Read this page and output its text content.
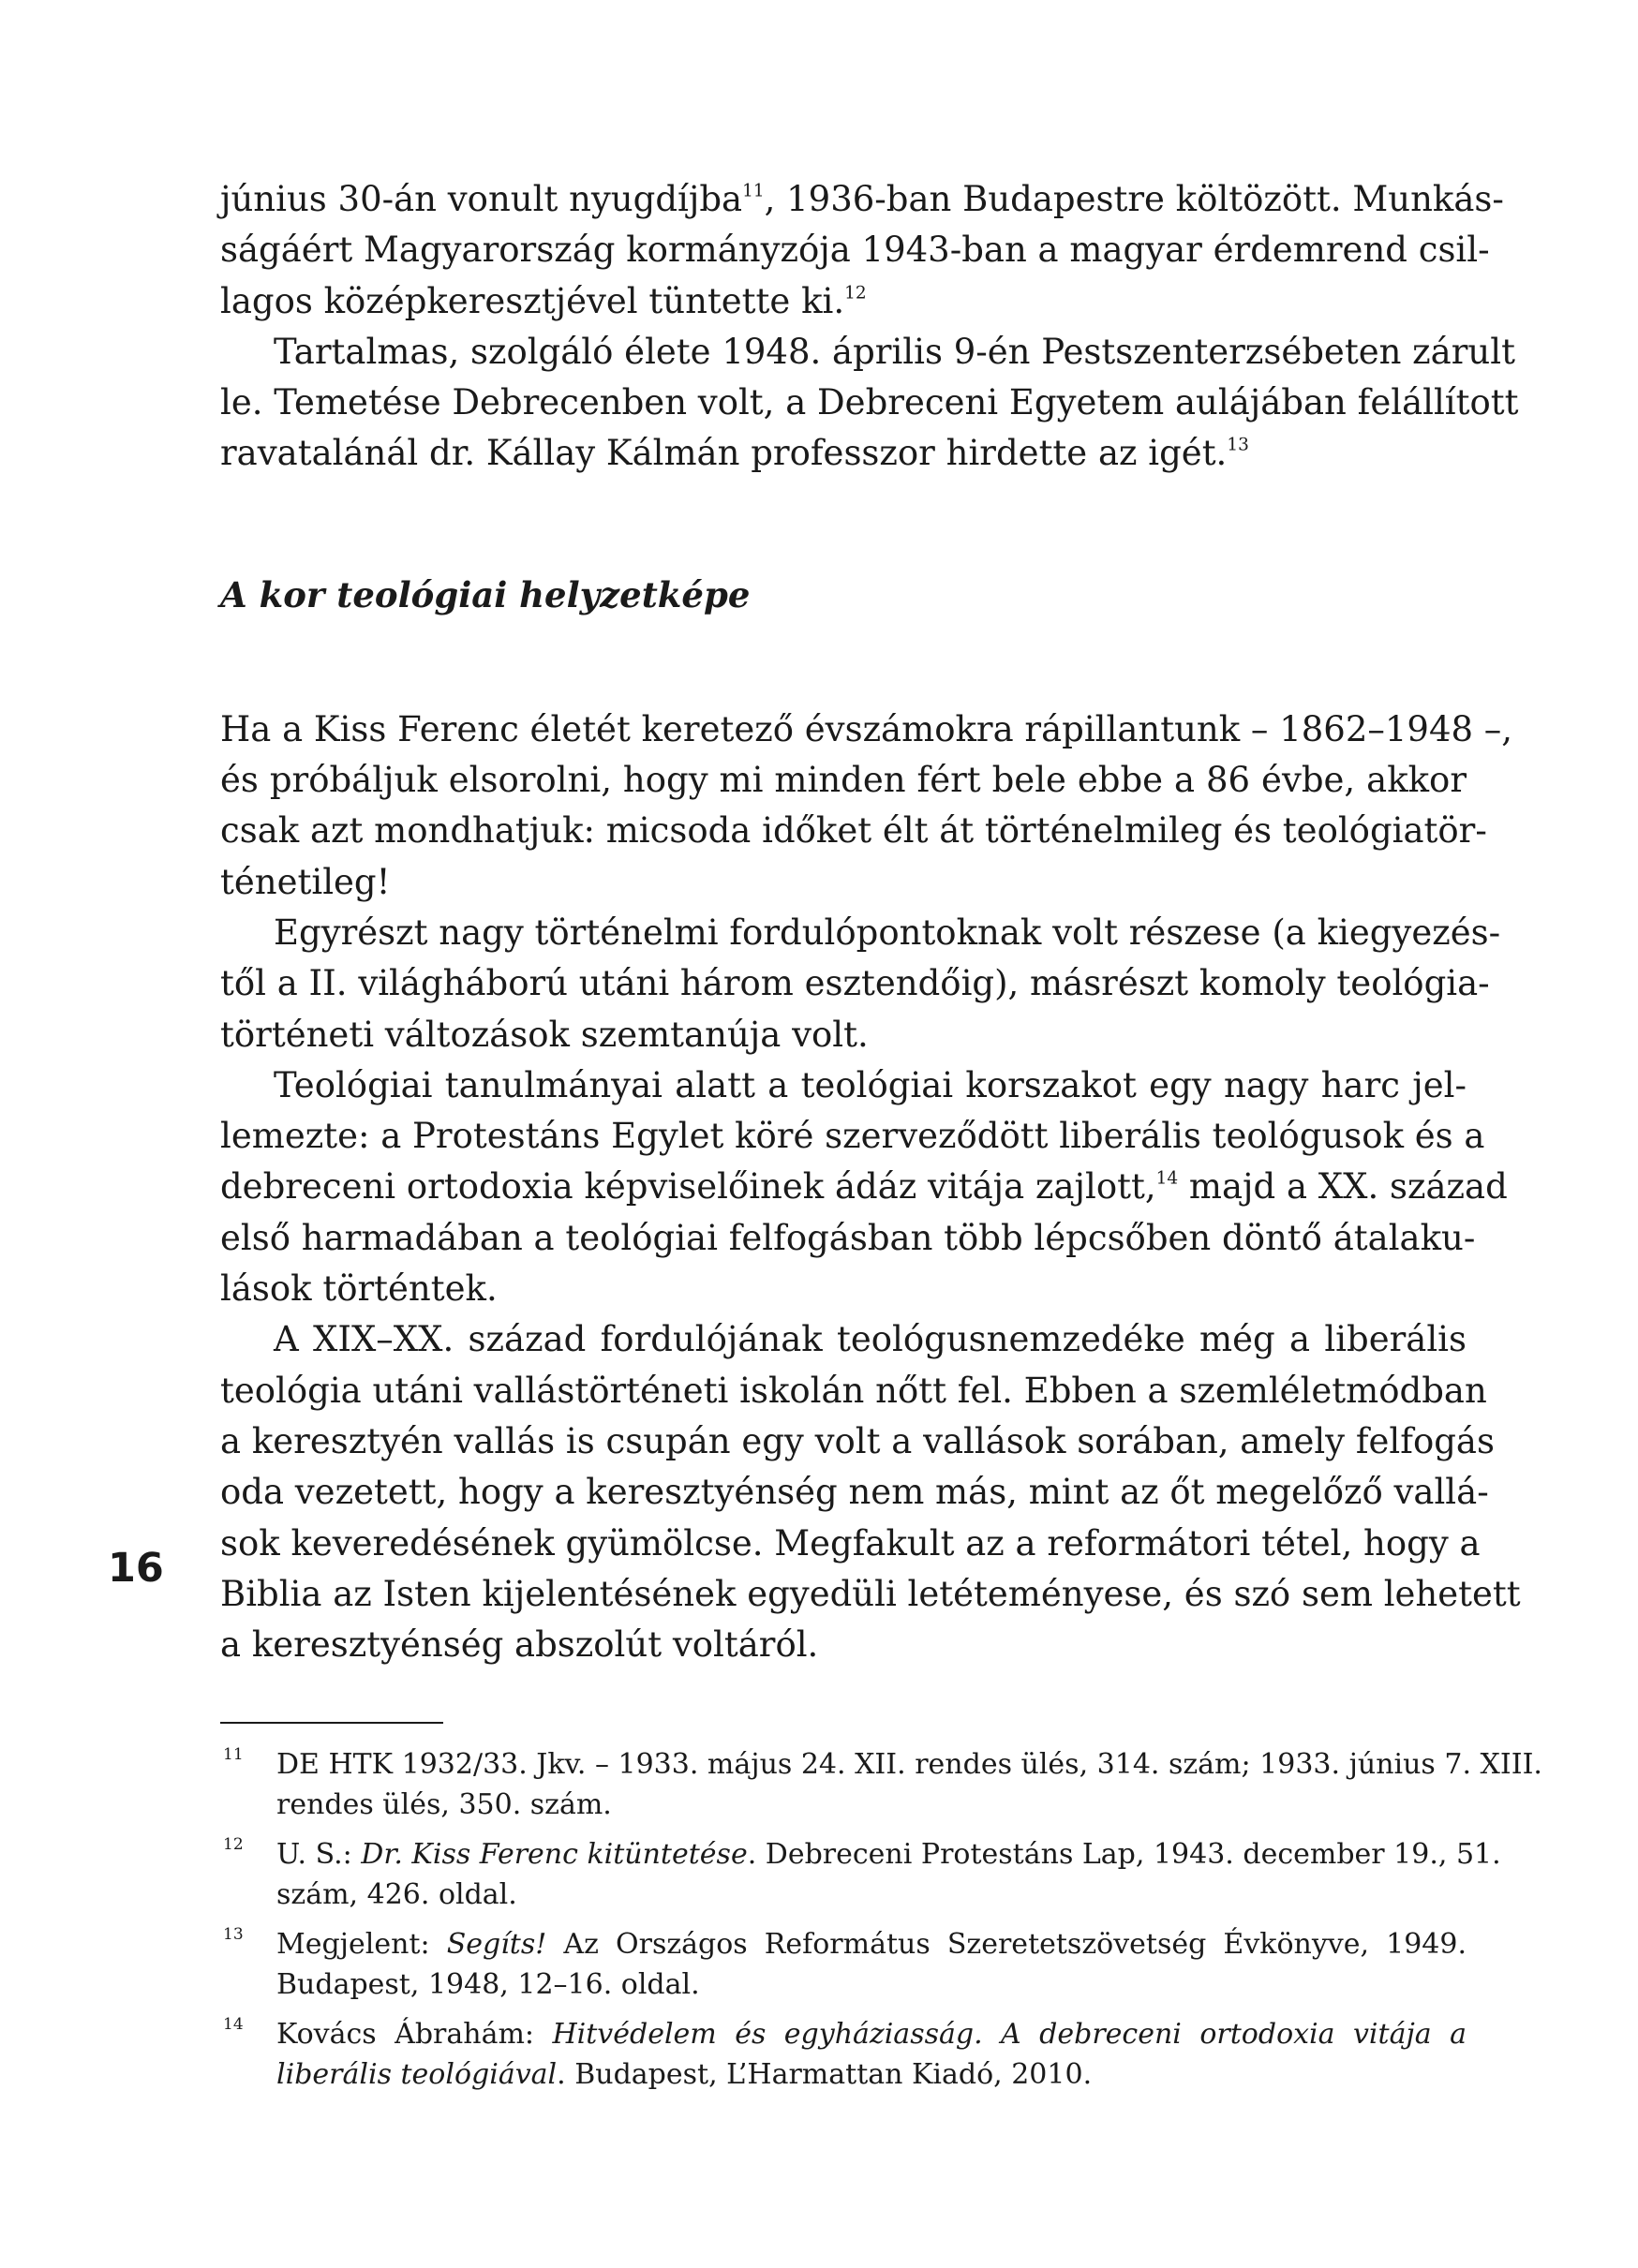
június 30-án vonult nyugdíjba$^{11}$, 1936-ban Budapestre költözött. Munkás-
ságáért Magyarország kormányzója 1943-ban a magyar érdemrend csil-
lagos középkeresztjével tüntette ki.$^{12}$
Tartalmas, szolgáló élete 1948. április 9-én Pestszenterzsébeten zárult
le. Temetése Debrecenben volt, a Debreceni Egyetem aulájában felállított
ravatalánál dr. Kállay Kálmán professzor hirdette az igét.$^{13}$
A kor teológiai helyzetképe
Ha a Kiss Ferenc életét keretező évszámokra rápillantunk – 1862–1948 –,
és próbáljuk elsorolni, hogy mi minden fért bele ebbe a 86 évbe, akkor
csak azt mondhatjuk: micsoda időket élt át történelmileg és teológiatör-
ténetileg!
Egyrészt nagy történelmi fordulópontoknak volt részese (a kiegyezés-
től a II. világháború utáni három esztendőig), másrészt komoly teológia-
történeti változások szemtanúja volt.
Teológiai tanulmányai alatt a teológiai korszakot egy nagy harc jel-
lemezte: a Protestáns Egylet köré szerveződött liberális teológusok és a
debreceni ortodoxia képviselőinek ádáz vitája zajlott,$^{14}$ majd a XX. század
első harmadában a teológiai felfogásban több lépcsőben döntő átalaku-
lások történtek.
A XIX–XX. század fordulójának teológusnemzedéke még a liberális
teológia utáni vallástörténeti iskolán nőtt fel. Ebben a szemléletmódban
a keresztyén vallás is csupán egy volt a vallások sorában, amely felfogás
oda vezetett, hogy a keresztyénség nem más, mint az őt megelőző vallá-
sok keveredésének gyümölcse. Megfakult az a reformátori tétel, hogy a
Biblia az Isten kijelentésének egyedüli letéteményese, és szó sem lehetett
a keresztyénség abszolút voltáról.
11 DE HTK 1932/33. Jkv. – 1933. május 24. XII. rendes ülés, 314. szám; 1933. június 7. XIII.
rendes ülés, 350. szám.
12 U. S.: Dr. Kiss Ferenc kitüntetése. Debreceni Protestáns Lap, 1943. december 19., 51.
szám, 426. oldal.
13 Megjelent: Segíts! Az Országos Református Szeretetszövetség Évkönyve, 1949.
Budapest, 1948, 12–16. oldal.
14 Kovács Ábrahám: Hitvédelem és egyháziasság. A debreceni ortodoxia vitája a
liberális teológiával. Budapest, L’Harmattan Kiadó, 2010.
16
